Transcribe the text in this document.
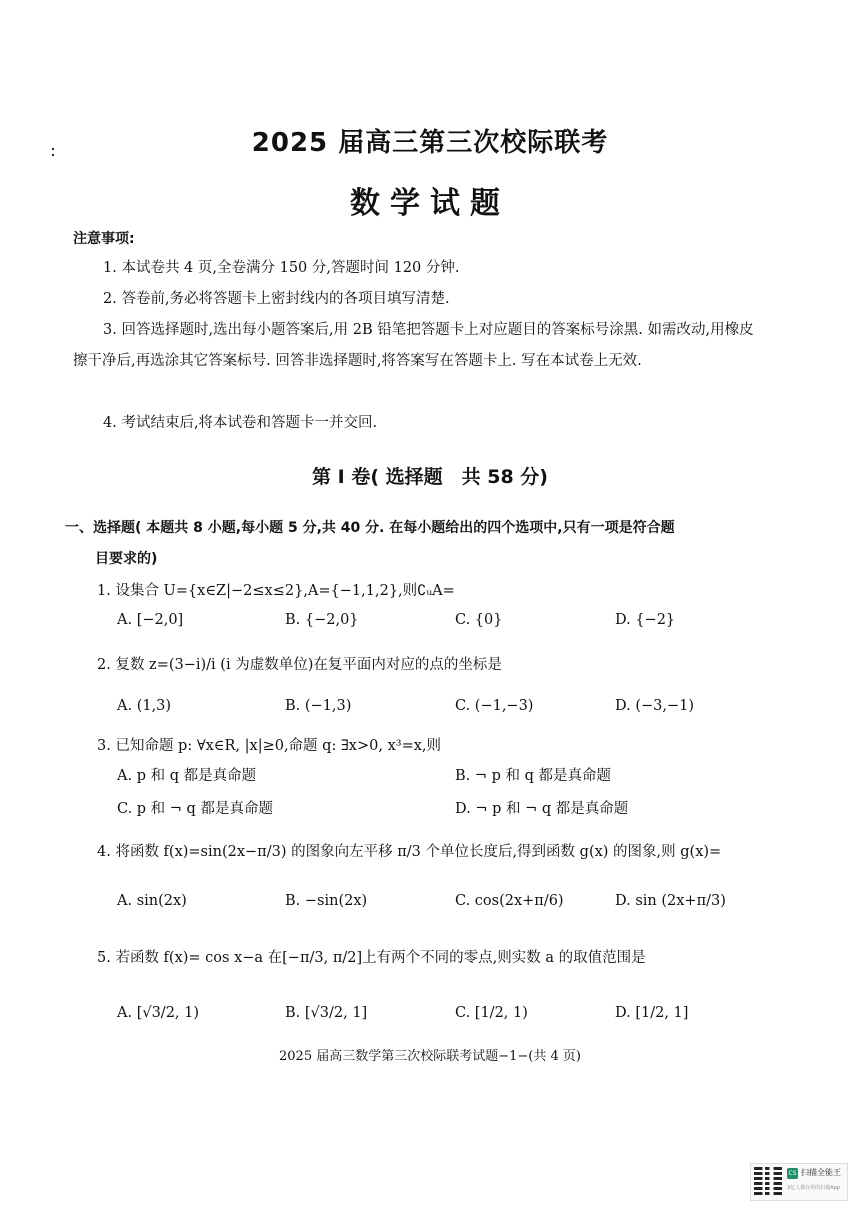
2025 届高三第三次校际联考
数学试题
注意事项:
1. 本试卷共 4 页,全卷满分 150 分,答题时间 120 分钟.
2. 答卷前,务必将答题卡上密封线内的各项目填写清楚.
3. 回答选择题时,选出每小题答案后,用 2B 铅笔把答题卡上对应题目的答案标号涂黑. 如需改动,用橡皮擦干净后,再选涂其它答案标号. 回答非选择题时,将答案写在答题卡上. 写在本试卷上无效.
4. 考试结束后,将本试卷和答题卡一并交回.
第 I 卷( 选择题　共 58 分)
一、选择题( 本题共 8 小题,每小题 5 分,共 40 分. 在每小题给出的四个选项中,只有一项是符合题
目要求的)
1. 设集合 U={x∈Z|−2≤x≤2},A={−1,1,2},则∁ᵤA=
A. [−2,0]	B. {−2,0}	C. {0}	D. {−2}
2. 复数 z=(3−i)/i (i 为虚数单位)在复平面内对应的点的坐标是
A. (1,3)	B. (−1,3)	C. (−1,−3)	D. (−3,−1)
3. 已知命题 p: ∀x∈R, |x|≥0,命题 q: ∃x>0, x³=x,则
A. p 和 q 都是真命题	B. ¬ p 和 q 都是真命题
C. p 和 ¬ q 都是真命题	D. ¬ p 和 ¬ q 都是真命题
4. 将函数 f(x)=sin(2x−π/3) 的图象向左平移 π/3 个单位长度后,得到函数 g(x) 的图象,则 g(x)=
A. sin(2x)	B. −sin(2x)	C. cos(2x+π/6)	D. sin (2x+π/3)
5. 若函数 f(x)= cos x−a 在[−π/3, π/2]上有两个不同的零点,则实数 a 的取值范围是
A. [√3/2, 1)	B. [√3/2, 1]	C. [1/2, 1)	D. [1/2, 1]
2025 届高三数学第三次校际联考试题−1−(共 4 页)
CS 扫描全能王
3亿人都在用的扫描App
